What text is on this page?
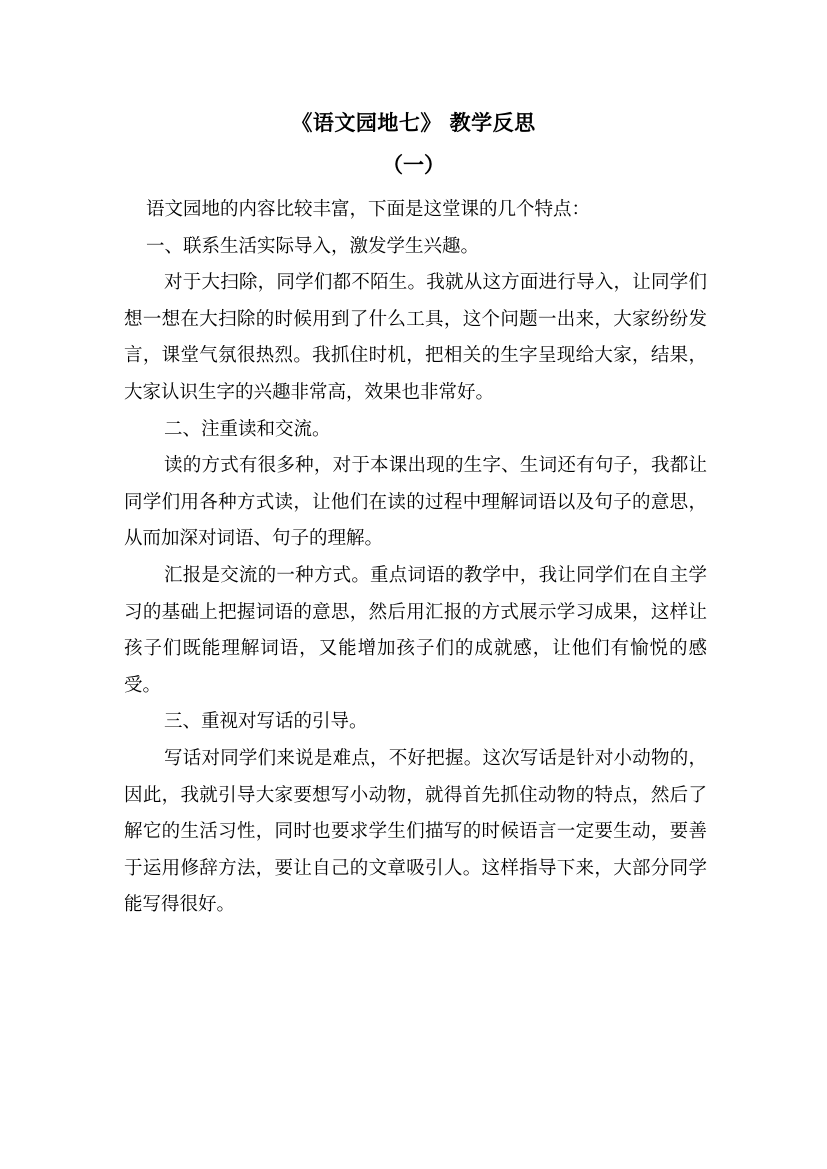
《语文园地七》 教学反思
（一）

语文园地的内容比较丰富，下面是这堂课的几个特点：

一、联系生活实际导入，激发学生兴趣。

对于大扫除，同学们都不陌生。我就从这方面进行导入，让同学们想一想在大扫除的时候用到了什么工具，这个问题一出来，大家纷纷发言，课堂气氛很热烈。我抓住时机，把相关的生字呈现给大家，结果，大家认识生字的兴趣非常高，效果也非常好。

二、注重读和交流。

读的方式有很多种，对于本课出现的生字、生词还有句子，我都让同学们用各种方式读，让他们在读的过程中理解词语以及句子的意思，从而加深对词语、句子的理解。

汇报是交流的一种方式。重点词语的教学中，我让同学们在自主学习的基础上把握词语的意思，然后用汇报的方式展示学习成果，这样让孩子们既能理解词语，又能增加孩子们的成就感，让他们有愉悦的感受。

三、重视对写话的引导。

写话对同学们来说是难点，不好把握。这次写话是针对小动物的，因此，我就引导大家要想写小动物，就得首先抓住动物的特点，然后了解它的生活习性，同时也要求学生们描写的时候语言一定要生动，要善于运用修辞方法，要让自己的文章吸引人。这样指导下来，大部分同学能写得很好。
